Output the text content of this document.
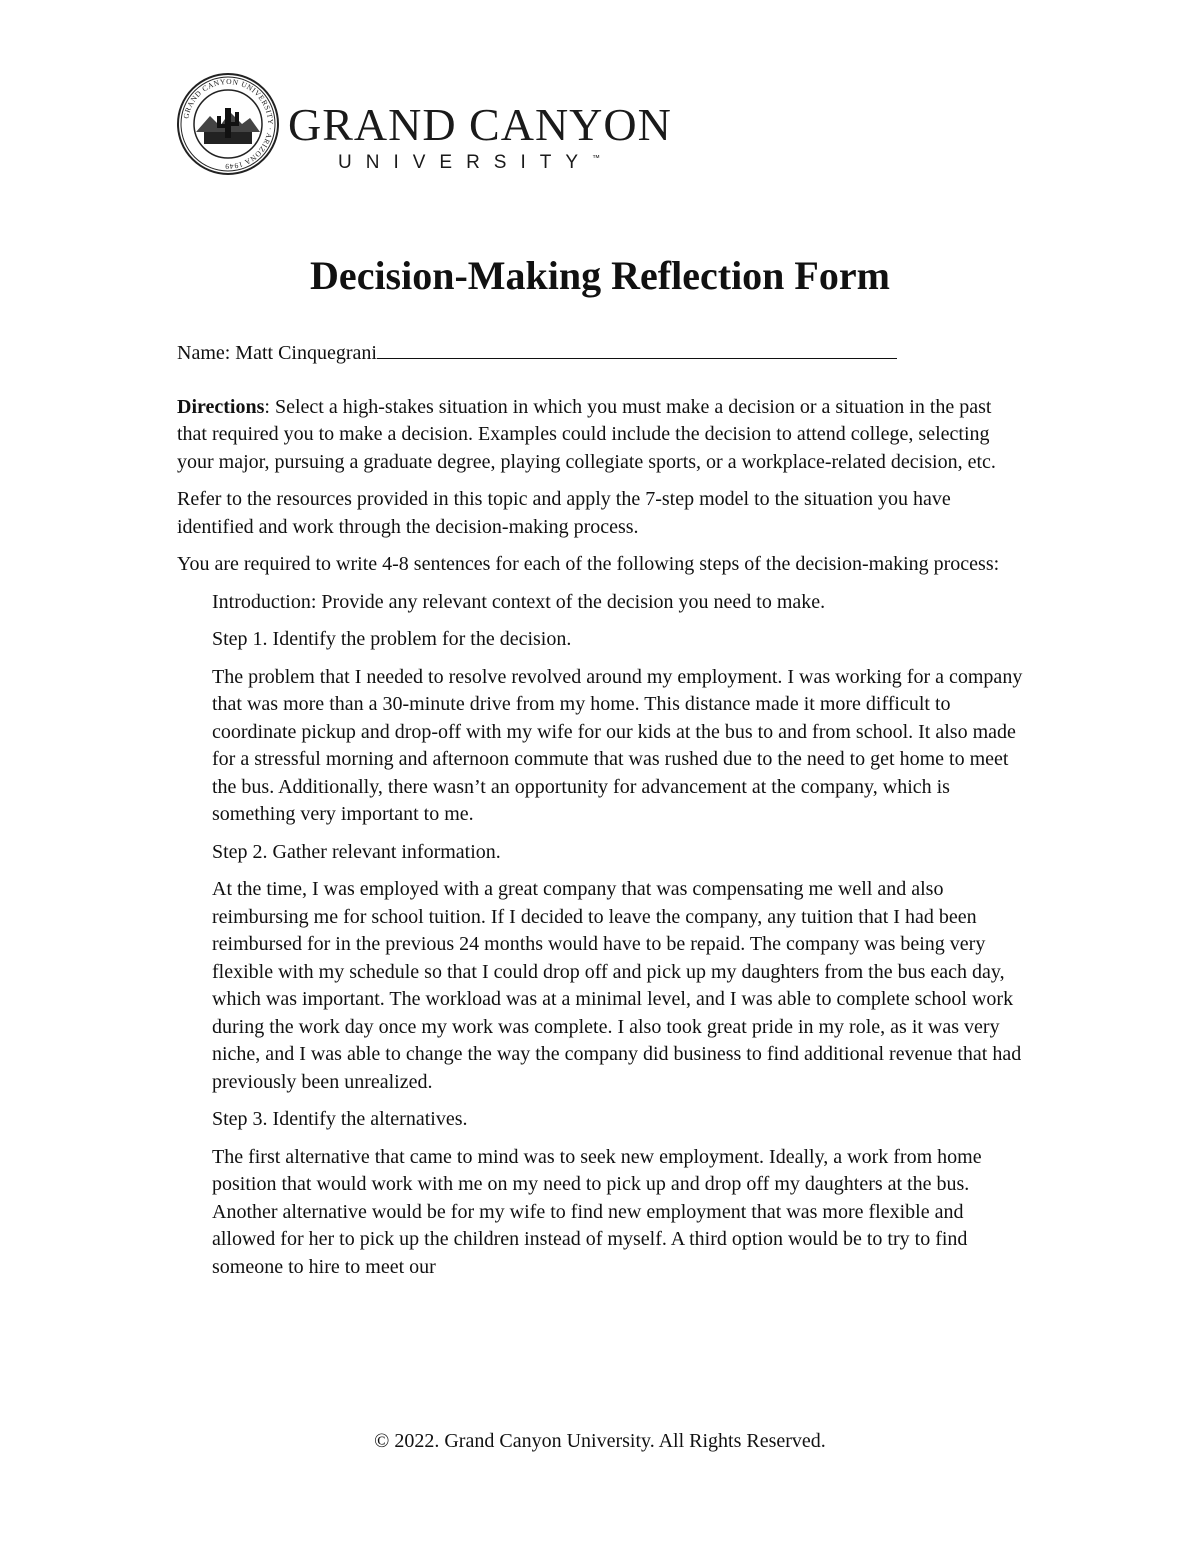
GRAND CANYON UNIVERSITY · ARIZONA 1949
GRAND CANYON
UNIVERSITY™
Decision-Making Reflection Form

Name: Matt Cinquegrani

Directions: Select a high-stakes situation in which you must make a decision or a situation in the past that required you to make a decision. Examples could include the decision to attend college, selecting your major, pursuing a graduate degree, playing collegiate sports, or a workplace-related decision, etc.

Refer to the resources provided in this topic and apply the 7-step model to the situation you have identified and work through the decision-making process.

You are required to write 4-8 sentences for each of the following steps of the decision-making process:

Introduction: Provide any relevant context of the decision you need to make.

Step 1. Identify the problem for the decision.

The problem that I needed to resolve revolved around my employment. I was working for a company that was more than a 30-minute drive from my home. This distance made it more difficult to coordinate pickup and drop-off with my wife for our kids at the bus to and from school. It also made for a stressful morning and afternoon commute that was rushed due to the need to get home to meet the bus. Additionally, there wasn’t an opportunity for advancement at the company, which is something very important to me.

Step 2. Gather relevant information.

At the time, I was employed with a great company that was compensating me well and also reimbursing me for school tuition. If I decided to leave the company, any tuition that I had been reimbursed for in the previous 24 months would have to be repaid. The company was being very flexible with my schedule so that I could drop off and pick up my daughters from the bus each day, which was important. The workload was at a minimal level, and I was able to complete school work during the work day once my work was complete. I also took great pride in my role, as it was very niche, and I was able to change the way the company did business to find additional revenue that had previously been unrealized.

Step 3. Identify the alternatives.

The first alternative that came to mind was to seek new employment. Ideally, a work from home position that would work with me on my need to pick up and drop off my daughters at the bus. Another alternative would be for my wife to find new employment that was more flexible and allowed for her to pick up the children instead of myself. A third option would be to try to find someone to hire to meet our

© 2022. Grand Canyon University. All Rights Reserved.
